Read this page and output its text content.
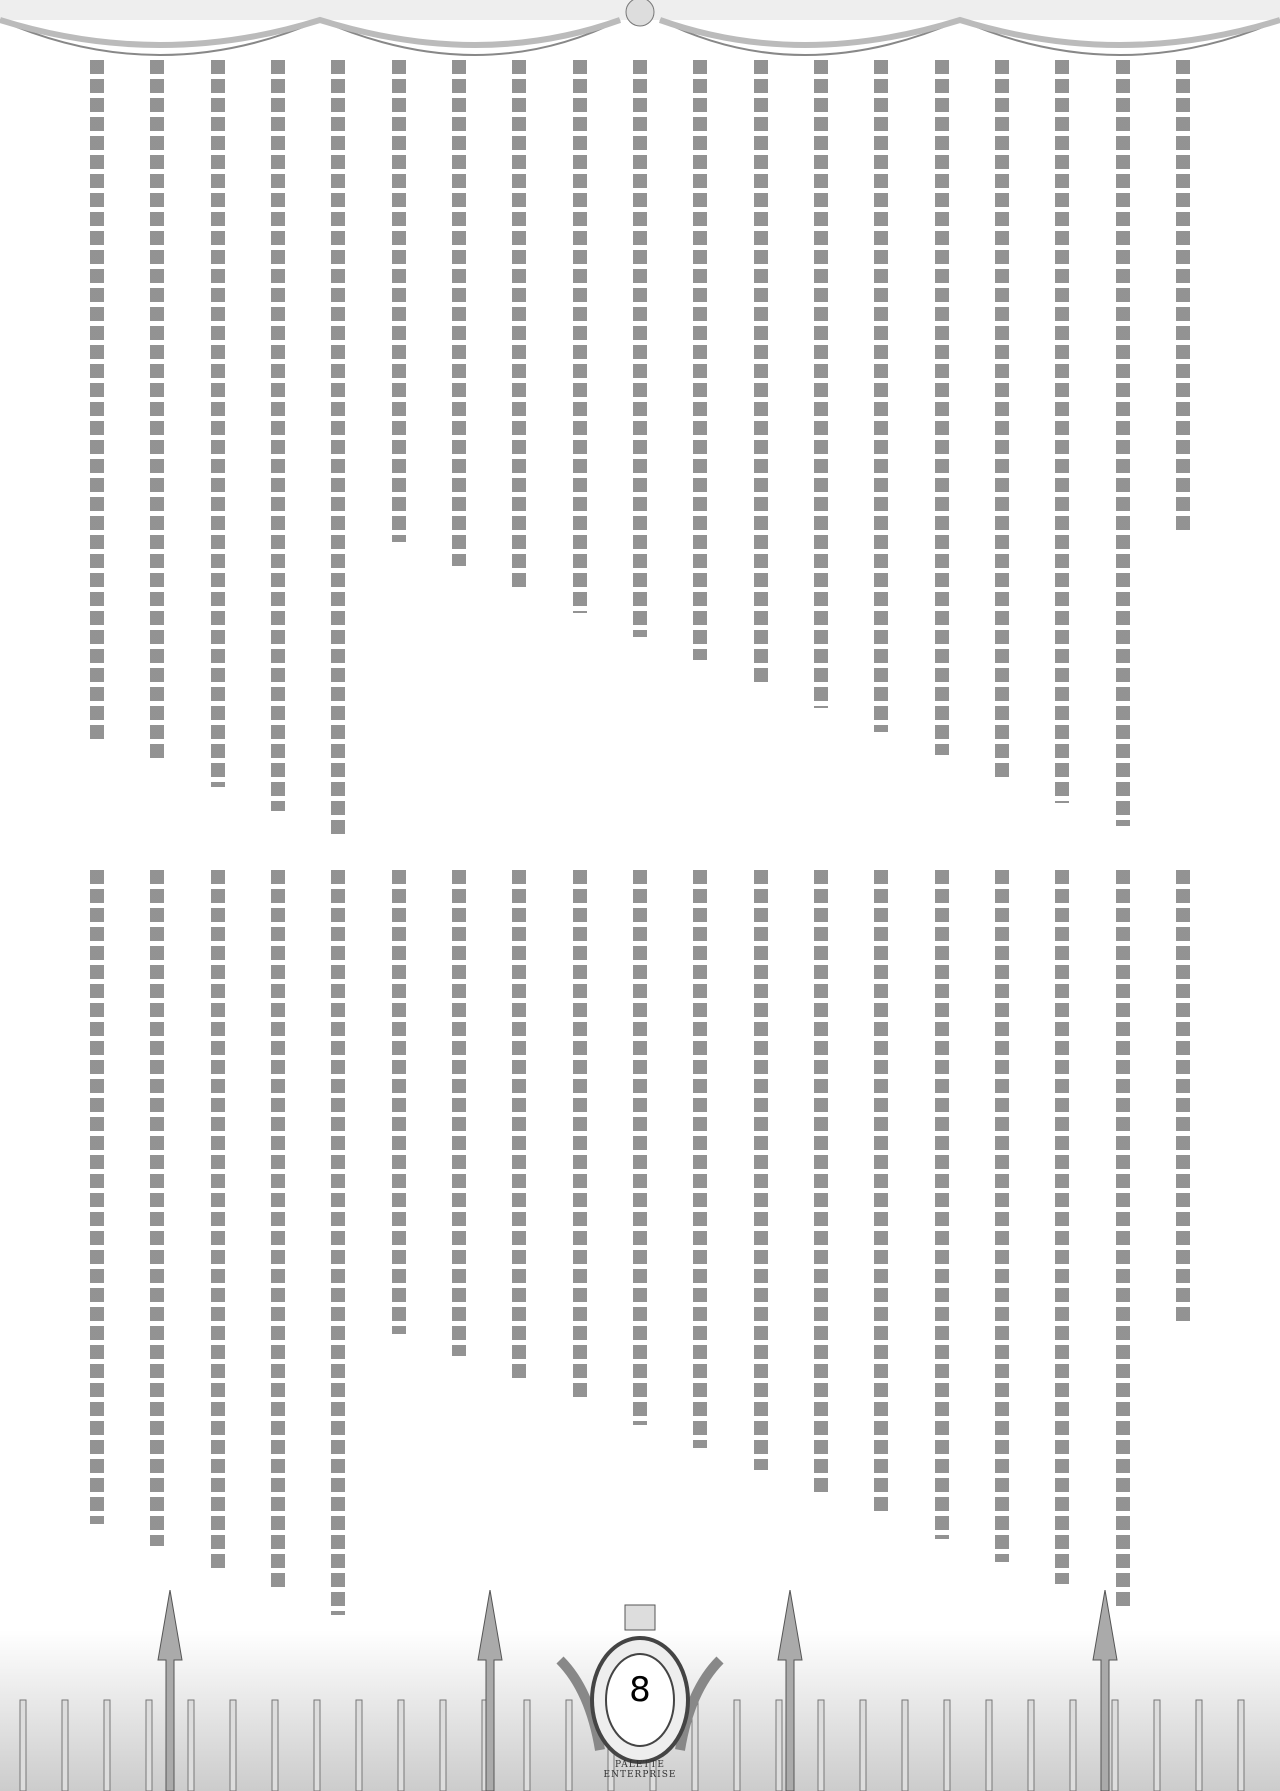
8
PALETTE ENTERPRISE
